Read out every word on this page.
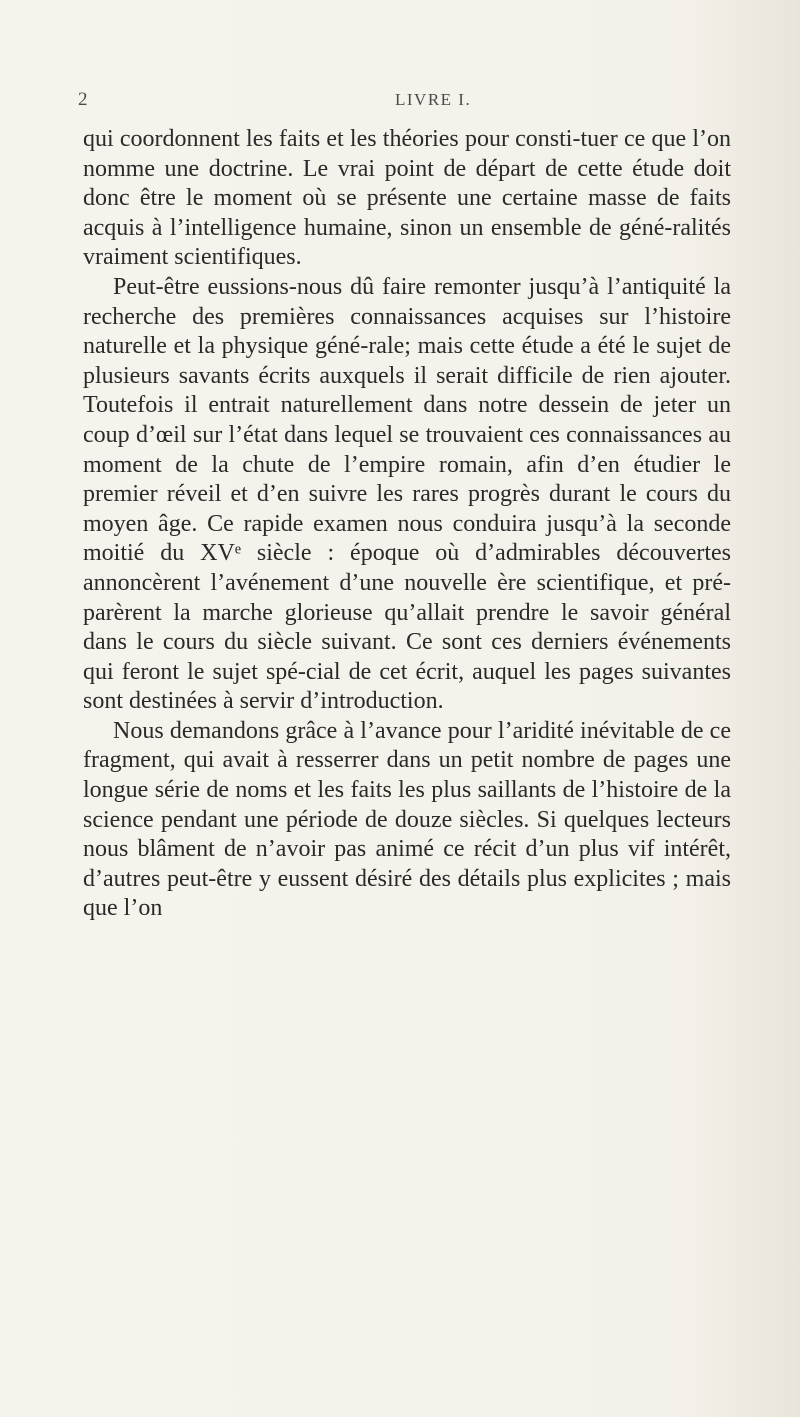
2	LIVRE I.

qui coordonnent les faits et les théories pour consti-tuer ce que l’on nomme une doctrine. Le vrai point de départ de cette étude doit donc être le moment où se présente une certaine masse de faits acquis à l’intelligence humaine, sinon un ensemble de géné-ralités vraiment scientifiques.

Peut-être eussions-nous dû faire remonter jusqu’à l’antiquité la recherche des premières connaissances acquises sur l’histoire naturelle et la physique géné-rale; mais cette étude a été le sujet de plusieurs savants écrits auxquels il serait difficile de rien ajouter. Toutefois il entrait naturellement dans notre dessein de jeter un coup d’œil sur l’état dans lequel se trouvaient ces connaissances au moment de la chute de l’empire romain, afin d’en étudier le premier réveil et d’en suivre les rares progrès durant le cours du moyen âge. Ce rapide examen nous conduira jusqu’à la seconde moitié du XVᵉ siècle : époque où d’admirables découvertes annoncèrent l’avénement d’une nouvelle ère scientifique, et pré-parèrent la marche glorieuse qu’allait prendre le savoir général dans le cours du siècle suivant. Ce sont ces derniers événements qui feront le sujet spé-cial de cet écrit, auquel les pages suivantes sont destinées à servir d’introduction.

Nous demandons grâce à l’avance pour l’aridité inévitable de ce fragment, qui avait à resserrer dans un petit nombre de pages une longue série de noms et les faits les plus saillants de l’histoire de la science pendant une période de douze siècles. Si quelques lecteurs nous blâment de n’avoir pas animé ce récit d’un plus vif intérêt, d’autres peut-être y eussent désiré des détails plus explicites ; mais que l’on
